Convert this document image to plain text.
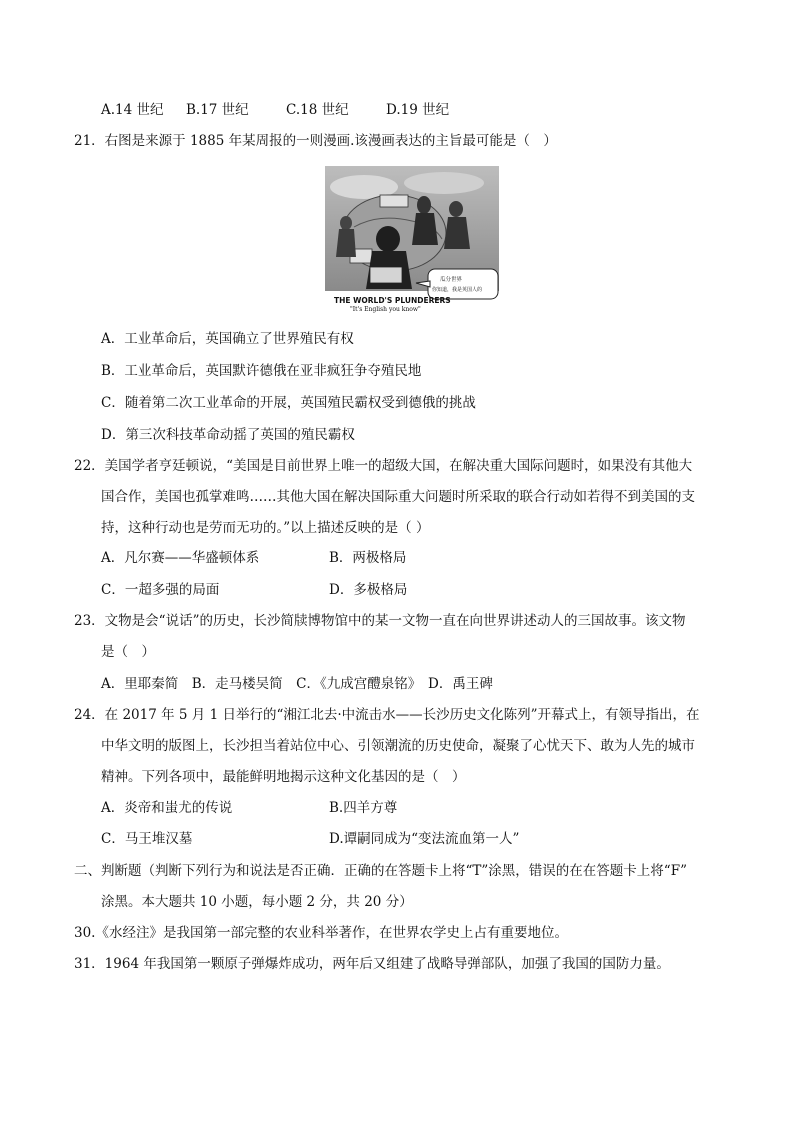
A.14 世纪 B.17 世纪	C.18 世纪	D.19 世纪
21．右图是来源于 1885 年某周报的一则漫画.该漫画表达的主旨最可能是（　）
瓜分世界
你知道，我是英国人的
THE WORLD'S PLUNDERERS
"It's English you know"
A．工业革命后，英国确立了世界殖民有权
B．工业革命后，英国默许德俄在亚非疯狂争夺殖民地
C．随着第二次工业革命的开展，英国殖民霸权受到德俄的挑战
D．第三次科技革命动摇了英国的殖民霸权
22．美国学者亨廷顿说，“美国是目前世界上唯一的超级大国，在解决重大国际问题时，如果没有其他大
国合作，美国也孤掌难鸣……其他大国在解决国际重大问题时所采取的联合行动如若得不到美国的支
持，这种行动也是劳而无功的。”以上描述反映的是（ ）
A．凡尔赛——华盛顿体系	B．两极格局
C．一超多强的局面	D．多极格局
23．文物是会“说话”的历史，长沙简牍博物馆中的某一文物一直在向世界讲述动人的三国故事。该文物
是（　）
A．里耶秦简　B．走马楼吴简　C．《九成宫醴泉铭》　D．禹王碑
24．在 2017 年 5 月 1 日举行的“湘江北去·中流击水——长沙历史文化陈列”开幕式上，有领导指出，在
中华文明的版图上，长沙担当着站位中心、引领潮流的历史使命，凝聚了心忧天下、敢为人先的城市
精神。下列各项中，最能鲜明地揭示这种文化基因的是（　）
A．炎帝和蚩尤的传说	B.四羊方尊
C．马王堆汉墓	D.谭嗣同成为“变法流血第一人”
二、判断题（判断下列行为和说法是否正确．正确的在答题卡上将“T”涂黑，错误的在在答题卡上将“F”
涂黑。本大题共 10 小题，每小题 2 分，共 20 分）
30.《水经注》是我国第一部完整的农业科举著作，在世界农学史上占有重要地位。
31．1964 年我国第一颗原子弹爆炸成功，两年后又组建了战略导弹部队，加强了我国的国防力量。
